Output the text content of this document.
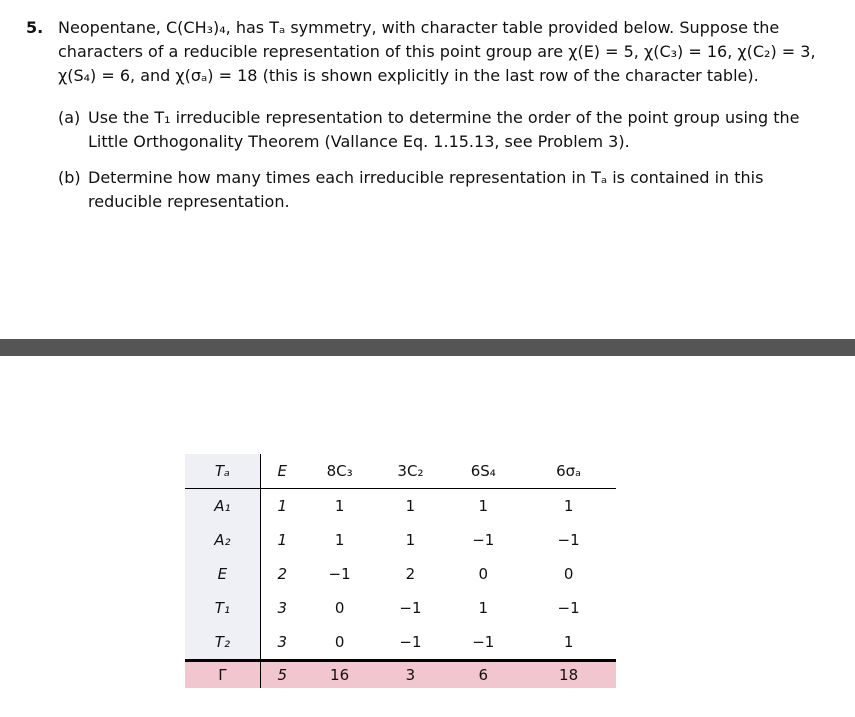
5. Neopentane, C(CH₃)₄, has Tₐ symmetry, with character table provided below. Suppose the characters of a reducible representation of this point group are χ(E) = 5, χ(C₃) = 16, χ(C₂) = 3, χ(S₄) = 6, and χ(σₐ) = 18 (this is shown explicitly in the last row of the character table).
(a) Use the T₁ irreducible representation to determine the order of the point group using the Little Orthogonality Theorem (Vallance Eq. 1.15.13, see Problem 3).
(b) Determine how many times each irreducible representation in Tₐ is contained in this reducible representation.
Tₐ	E	8C₃	3C₂	6S₄	6σₐ
A₁	1	1	1	1	1
A₂	1	1	1	−1	−1
E	2	−1	2	0	0
T₁	3	0	−1	1	−1
T₂	3	0	−1	−1	1
Γ	5	16	3	6	18
